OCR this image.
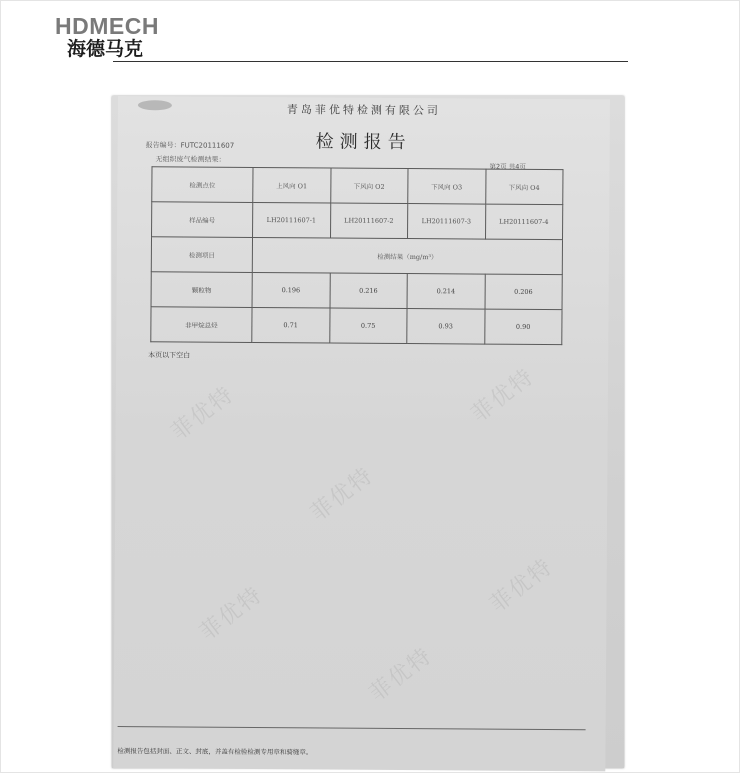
HDMECH
海德马克
青岛菲优特检测有限公司
检测报告
报告编号：FUTC20111607
无组织废气检测结果：
第2页 共4页
检测点位	上风向 O1	下风向 O2	下风向 O3	下风向 O4
样品编号	LH20111607-1	LH20111607-2	LH20111607-3	LH20111607-4
检测项目	检测结果（mg/m³）			
颗粒物	0.196	0.216	0.214	0.206
非甲烷总烃	0.71	0.75	0.93	0.90
本页以下空白
菲优特
菲优特
菲优特
菲优特
菲优特
菲优特
检测报告包括封面、正文、封底，并盖有检验检测专用章和骑缝章。
